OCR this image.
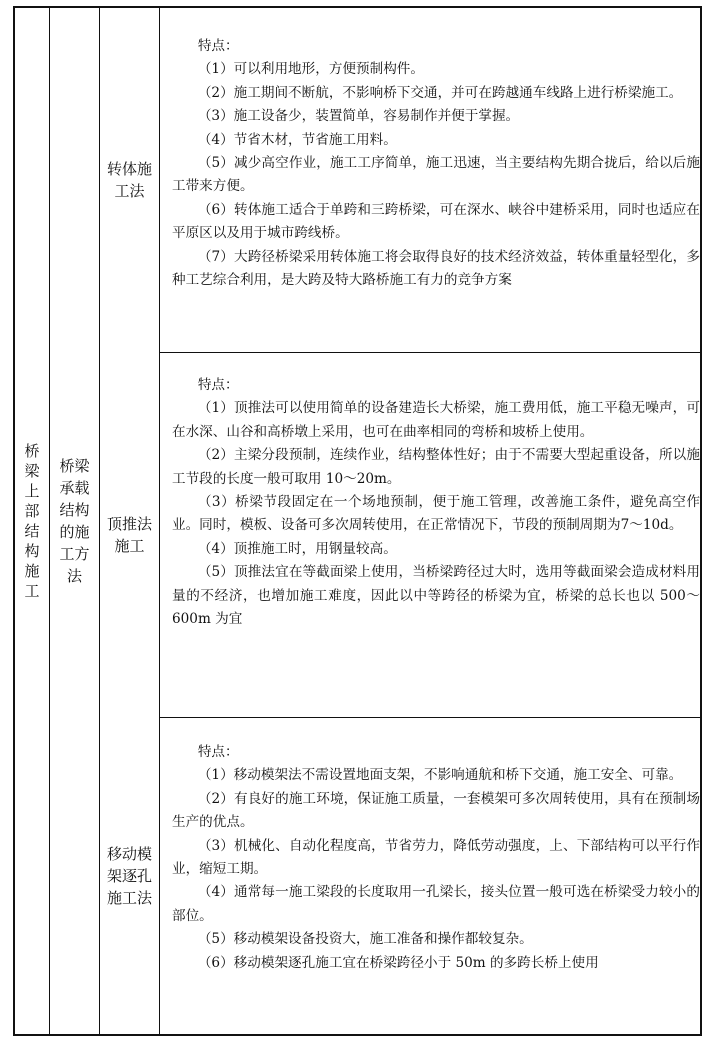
桥梁上部结构施工
桥梁承载结构的施工方法
转体施工法
顶推法施工
移动模架逐孔施工法

特点：

（1）可以利用地形，方便预制构件。

（2）施工期间不断航，不影响桥下交通，并可在跨越通车线路上进行桥梁施工。

（3）施工设备少，装置简单，容易制作并便于掌握。

（4）节省木材，节省施工用料。

（5）减少高空作业，施工工序简单，施工迅速，当主要结构先期合拢后，给以后施工带来方便。

（6）转体施工适合于单跨和三跨桥梁，可在深水、峡谷中建桥采用，同时也适应在平原区以及用于城市跨线桥。

（7）大跨径桥梁采用转体施工将会取得良好的技术经济效益，转体重量轻型化，多种工艺综合利用，是大跨及特大路桥施工有力的竞争方案

特点：

（1）顶推法可以使用简单的设备建造长大桥梁，施工费用低，施工平稳无噪声，可在水深、山谷和高桥墩上采用，也可在曲率相同的弯桥和坡桥上使用。

（2）主梁分段预制，连续作业，结构整体性好；由于不需要大型起重设备，所以施工节段的长度一般可取用 10～20m。

（3）桥梁节段固定在一个场地预制，便于施工管理，改善施工条件，避免高空作业。同时，模板、设备可多次周转使用，在正常情况下，节段的预制周期为7～10d。

（4）顶推施工时，用钢量较高。

（5）顶推法宜在等截面梁上使用，当桥梁跨径过大时，选用等截面梁会造成材料用量的不经济，也增加施工难度，因此以中等跨径的桥梁为宜，桥梁的总长也以 500～600m 为宜

特点：

（1）移动模架法不需设置地面支架，不影响通航和桥下交通，施工安全、可靠。

（2）有良好的施工环境，保证施工质量，一套模架可多次周转使用，具有在预制场生产的优点。

（3）机械化、自动化程度高，节省劳力，降低劳动强度，上、下部结构可以平行作业，缩短工期。

（4）通常每一施工梁段的长度取用一孔梁长，接头位置一般可选在桥梁受力较小的部位。

（5）移动模架设备投资大，施工准备和操作都较复杂。

（6）移动模架逐孔施工宜在桥梁跨径小于 50m 的多跨长桥上使用
